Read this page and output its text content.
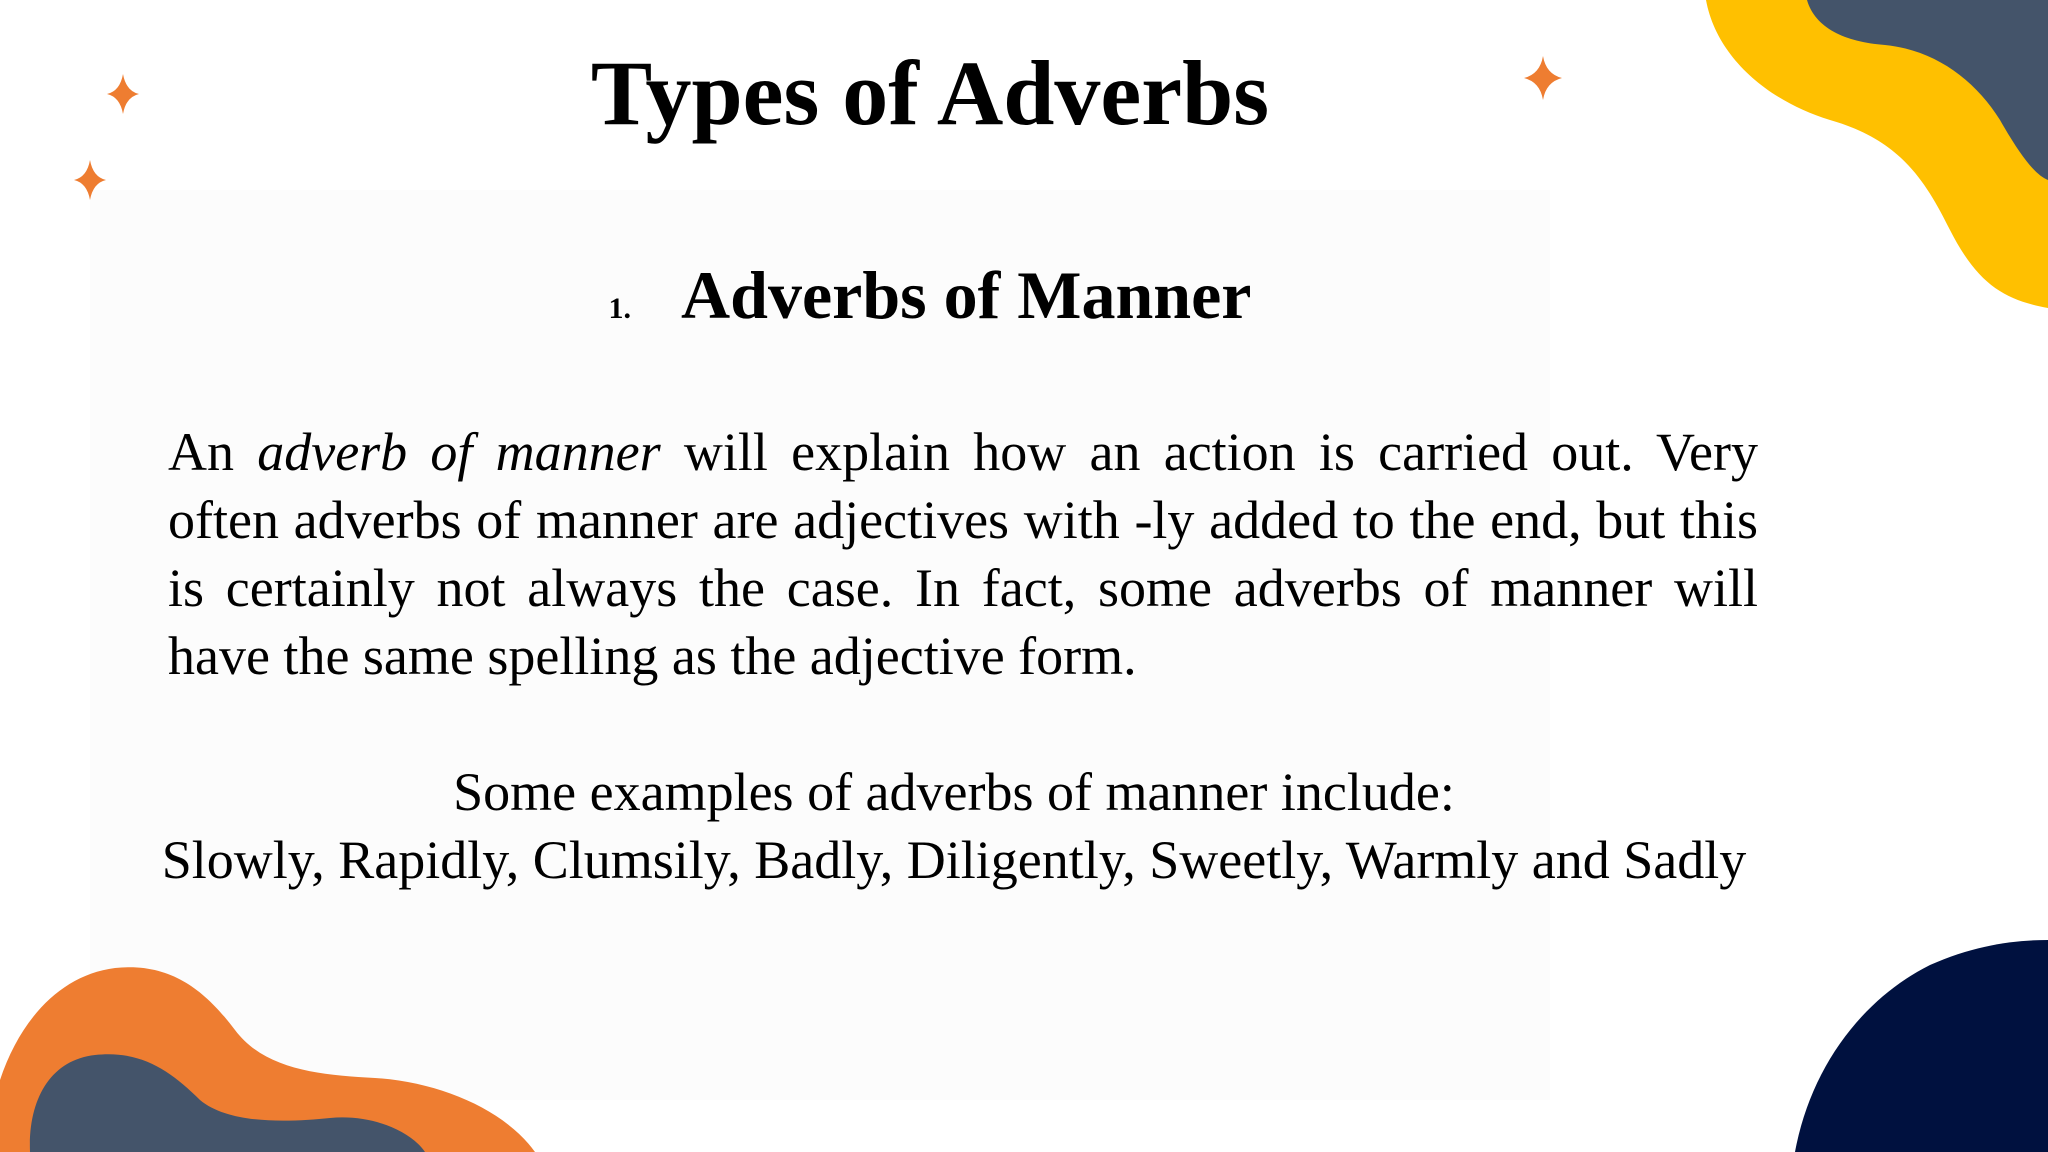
Types of Adverbs
1. Adverbs of Manner
An adverb of manner will explain how an action is carried out. Very often adverbs of manner are adjectives with -ly added to the end, but this is certainly not always the case. In fact, some adverbs of manner will have the same spelling as the adjective form.
Some examples of adverbs of manner include:
Slowly, Rapidly, Clumsily, Badly, Diligently, Sweetly, Warmly and Sadly
